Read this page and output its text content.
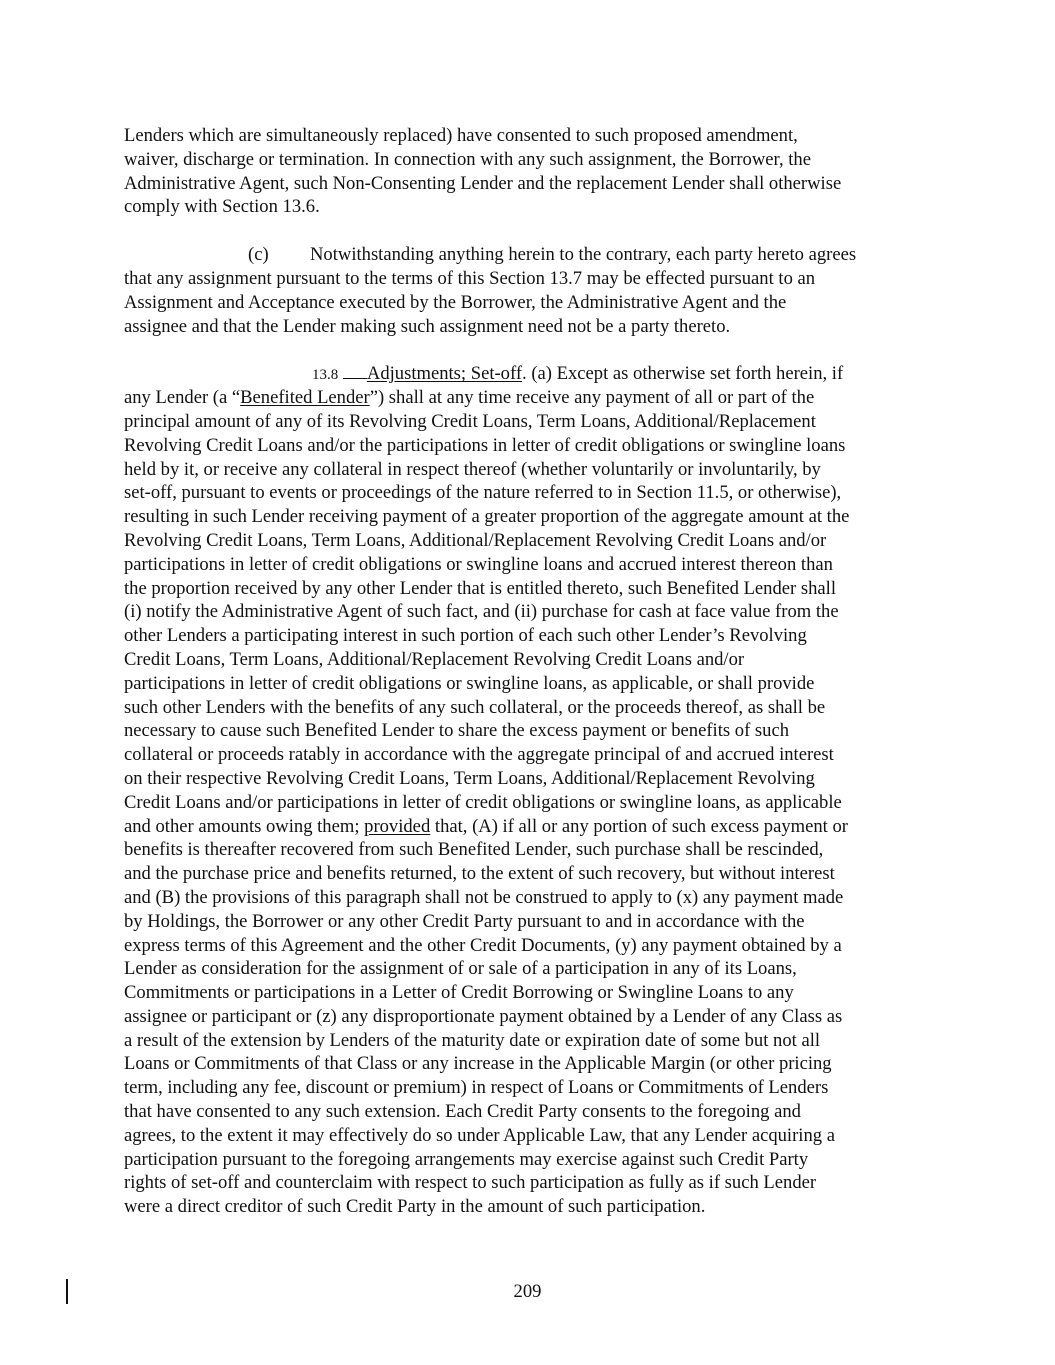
Lenders which are simultaneously replaced) have consented to such proposed amendment,
waiver, discharge or termination. In connection with any such assignment, the Borrower, the
Administrative Agent, such Non-Consenting Lender and the replacement Lender shall otherwise
comply with Section 13.6.
(c) Notwithstanding anything herein to the contrary, each party hereto agrees
that any assignment pursuant to the terms of this Section 13.7 may be effected pursuant to an
Assignment and Acceptance executed by the Borrower, the Administrative Agent and the
assignee and that the Lender making such assignment need not be a party thereto.
13.8 Adjustments; Set-off. (a) Except as otherwise set forth herein, if
any Lender (a “Benefited Lender”) shall at any time receive any payment of all or part of the
principal amount of any of its Revolving Credit Loans, Term Loans, Additional/Replacement
Revolving Credit Loans and/or the participations in letter of credit obligations or swingline loans
held by it, or receive any collateral in respect thereof (whether voluntarily or involuntarily, by
set-off, pursuant to events or proceedings of the nature referred to in Section 11.5, or otherwise),
resulting in such Lender receiving payment of a greater proportion of the aggregate amount at the
Revolving Credit Loans, Term Loans, Additional/Replacement Revolving Credit Loans and/or
participations in letter of credit obligations or swingline loans and accrued interest thereon than
the proportion received by any other Lender that is entitled thereto, such Benefited Lender shall
(i) notify the Administrative Agent of such fact, and (ii) purchase for cash at face value from the
other Lenders a participating interest in such portion of each such other Lender’s Revolving
Credit Loans, Term Loans, Additional/Replacement Revolving Credit Loans and/or
participations in letter of credit obligations or swingline loans, as applicable, or shall provide
such other Lenders with the benefits of any such collateral, or the proceeds thereof, as shall be
necessary to cause such Benefited Lender to share the excess payment or benefits of such
collateral or proceeds ratably in accordance with the aggregate principal of and accrued interest
on their respective Revolving Credit Loans, Term Loans, Additional/Replacement Revolving
Credit Loans and/or participations in letter of credit obligations or swingline loans, as applicable
and other amounts owing them; provided that, (A) if all or any portion of such excess payment or
benefits is thereafter recovered from such Benefited Lender, such purchase shall be rescinded,
and the purchase price and benefits returned, to the extent of such recovery, but without interest
and (B) the provisions of this paragraph shall not be construed to apply to (x) any payment made
by Holdings, the Borrower or any other Credit Party pursuant to and in accordance with the
express terms of this Agreement and the other Credit Documents, (y) any payment obtained by a
Lender as consideration for the assignment of or sale of a participation in any of its Loans,
Commitments or participations in a Letter of Credit Borrowing or Swingline Loans to any
assignee or participant or (z) any disproportionate payment obtained by a Lender of any Class as
a result of the extension by Lenders of the maturity date or expiration date of some but not all
Loans or Commitments of that Class or any increase in the Applicable Margin (or other pricing
term, including any fee, discount or premium) in respect of Loans or Commitments of Lenders
that have consented to any such extension. Each Credit Party consents to the foregoing and
agrees, to the extent it may effectively do so under Applicable Law, that any Lender acquiring a
participation pursuant to the foregoing arrangements may exercise against such Credit Party
rights of set-off and counterclaim with respect to such participation as fully as if such Lender
were a direct creditor of such Credit Party in the amount of such participation.
209
